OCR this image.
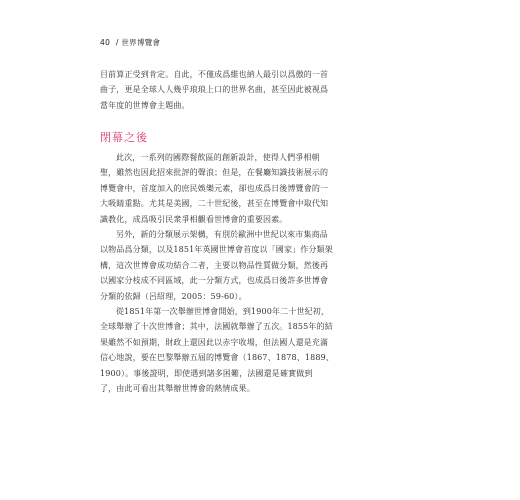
40 / 世界博覽會
目前算正受到肯定。自此，不僅成爲維也納人最引以爲傲的一首
曲子，更是全球人人幾乎琅琅上口的世界名曲，甚至因此被視爲
當年度的世博會主題曲。
閉幕之後
此次，一系列的國際餐飲區的創新設計，使得人們爭相朝
聖，雖然也因此招來批評的聲浪；但是，在餐廳知識技術展示的
博覽會中，首度加入的庶民娛樂元素，卻也成爲日後博覽會的一
大吸睛重點。尤其是美國，二十世紀後，甚至在博覽會中取代知
識教化，成爲吸引民衆爭相觀看世博會的重要因素。
另外，新的分類展示架構，有別於歐洲中世紀以來市集商品
以物品爲分類，以及1851年英國世博會首度以「國家」作分類架
構，這次世博會成功結合二者，主要以物品性質做分類，然後再
以國家分枝成不同區域，此一分類方式，也成爲日後許多世博會
分類的依歸（呂紹理，2005：59-60）。
從1851年第一次舉辦世博會開始，到1900年二十世紀初，
全球舉辦了十次世博會；其中，法國就舉辦了五次。1855年的結
果雖然不如預期，財政上還因此以赤字收場，但法國人還是充滿
信心地說，要在巴黎舉辦五屆的博覽會（1867、1878、1889、
1900）。事後證明，即使遇到諸多困難，法國還是確實做到
了，由此可看出其舉辦世博會的熱情成果。
